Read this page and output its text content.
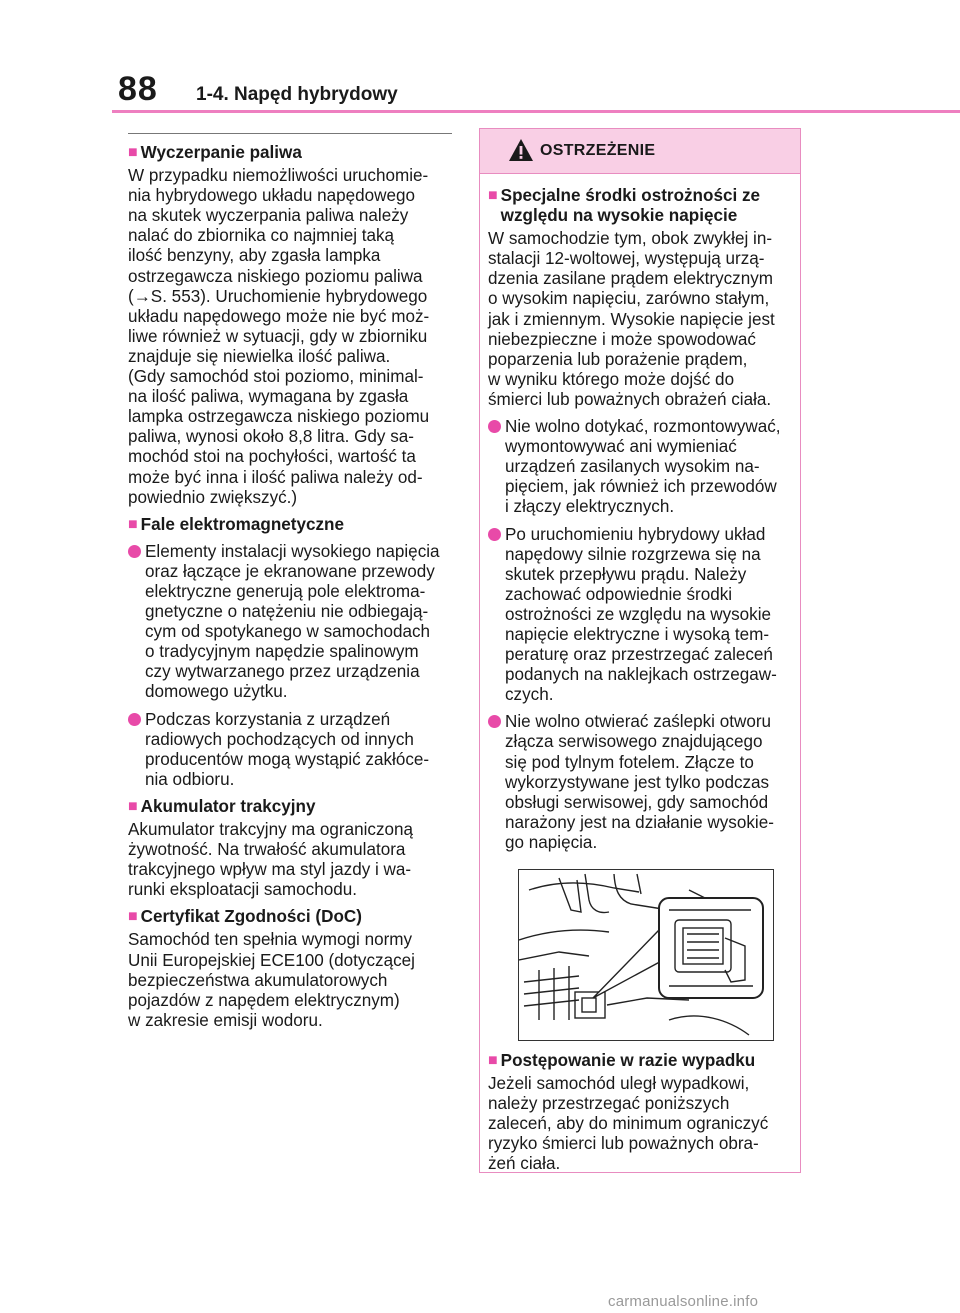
88 1-4. Napęd hybrydowy
■ Wyczerpanie paliwa
W przypadku niemożliwości uruchomie-
nia hybrydowego układu napędowego
na skutek wyczerpania paliwa należy
nalać do zbiornika co najmniej taką
ilość benzyny, aby zgasła lampka
ostrzegawcza niskiego poziomu paliwa
(→S. 553). Uruchomienie hybrydowego
układu napędowego może nie być moż-
liwe również w sytuacji, gdy w zbiorniku
znajduje się niewielka ilość paliwa.
(Gdy samochód stoi poziomo, minimal-
na ilość paliwa, wymagana by zgasła
lampka ostrzegawcza niskiego poziomu
paliwa, wynosi około 8,8 litra. Gdy sa-
mochód stoi na pochyłości, wartość ta
może być inna i ilość paliwa należy od-
powiednio zwiększyć.)
■ Fale elektromagnetyczne
Elementy instalacji wysokiego napięcia
oraz łączące je ekranowane przewody
elektryczne generują pole elektroma-
gnetyczne o natężeniu nie odbiegają-
cym od spotykanego w samochodach
o tradycyjnym napędzie spalinowym
czy wytwarzanego przez urządzenia
domowego użytku.
Podczas korzystania z urządzeń
radiowych pochodzących od innych
producentów mogą wystąpić zakłóce-
nia odbioru.
■ Akumulator trakcyjny
Akumulator trakcyjny ma ograniczoną
żywotność. Na trwałość akumulatora
trakcyjnego wpływ ma styl jazdy i wa-
runki eksploatacji samochodu.
■ Certyfikat Zgodności (DoC)
Samochód ten spełnia wymogi normy
Unii Europejskiej ECE100 (dotyczącej
bezpieczeństwa akumulatorowych
pojazdów z napędem elektrycznym)
w zakresie emisji wodoru.
OSTRZEŻENIE
■ Specjalne środki ostrożności ze
względu na wysokie napięcie
W samochodzie tym, obok zwykłej in-
stalacji 12-woltowej, występują urzą-
dzenia zasilane prądem elektrycznym
o wysokim napięciu, zarówno stałym,
jak i zmiennym. Wysokie napięcie jest
niebezpieczne i może spowodować
poparzenia lub porażenie prądem,
w wyniku którego może dojść do
śmierci lub poważnych obrażeń ciała.
Nie wolno dotykać, rozmontowywać,
wymontowywać ani wymieniać
urządzeń zasilanych wysokim na-
pięciem, jak również ich przewodów
i złączy elektrycznych.
Po uruchomieniu hybrydowy układ
napędowy silnie rozgrzewa się na
skutek przepływu prądu. Należy
zachować odpowiednie środki
ostrożności ze względu na wysokie
napięcie elektryczne i wysoką tem-
peraturę oraz przestrzegać zaleceń
podanych na naklejkach ostrzegaw-
czych.
Nie wolno otwierać zaślepki otworu
złącza serwisowego znajdującego
się pod tylnym fotelem. Złącze to
wykorzystywane jest tylko podczas
obsługi serwisowej, gdy samochód
narażony jest na działanie wysokie-
go napięcia.
■ Postępowanie w razie wypadku
Jeżeli samochód uległ wypadkowi,
należy przestrzegać poniższych
zaleceń, aby do minimum ograniczyć
ryzyko śmierci lub poważnych obra-
żeń ciała.
carmanualsonline.info
